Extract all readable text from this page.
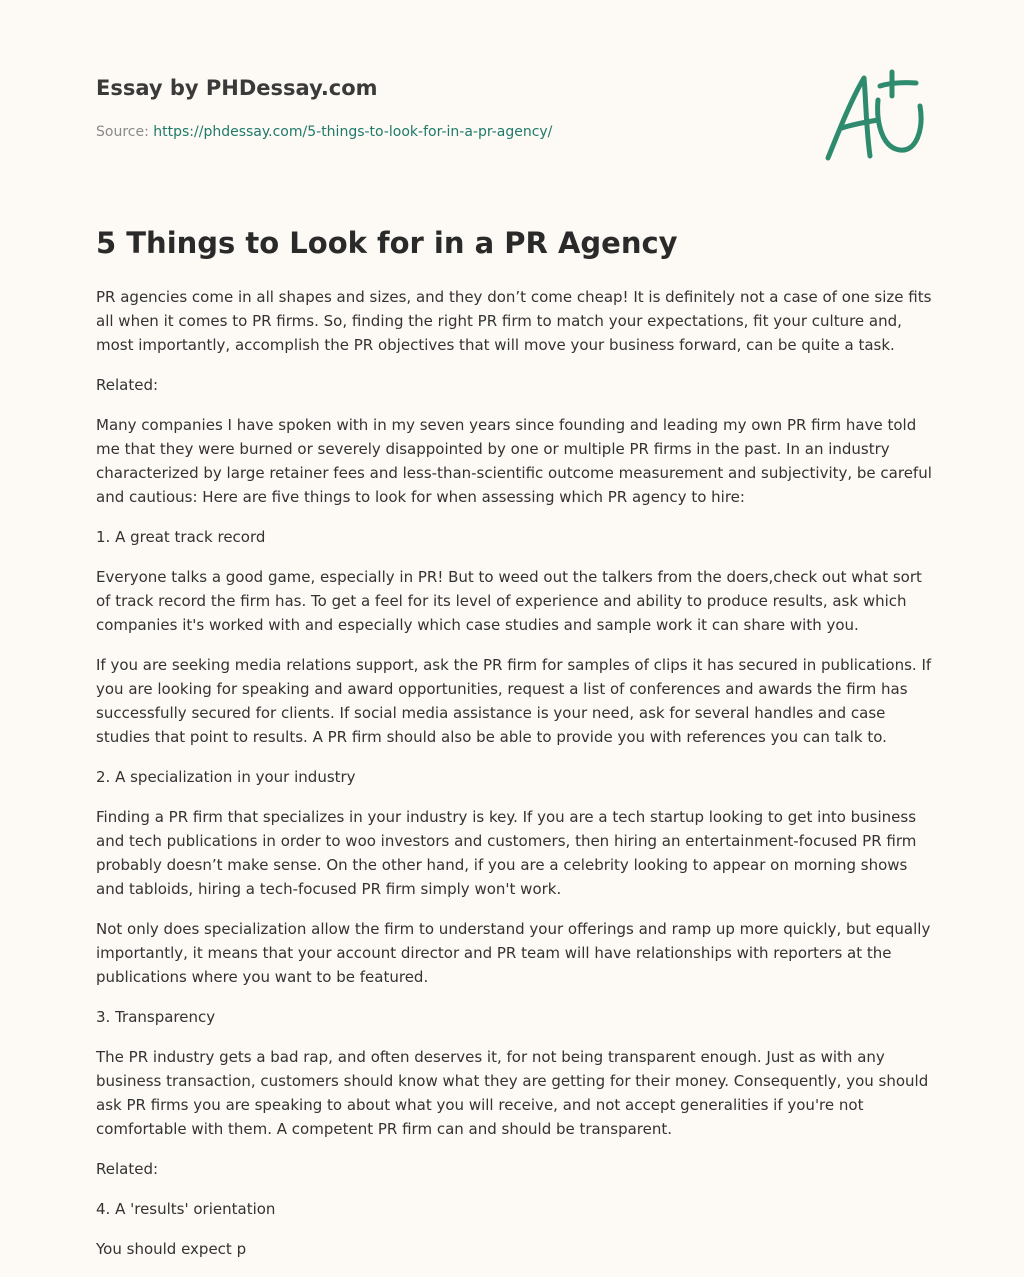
Essay by PHDessay.com
Source: https://phdessay.com/5-things-to-look-for-in-a-pr-agency/
5 Things to Look for in a PR Agency

PR agencies come in all shapes and sizes, and they don’t come cheap! It is definitely not a case of one size fits all when it comes to PR firms. So, finding the right PR firm to match your expectations, fit your culture and, most importantly, accomplish the PR objectives that will move your business forward, can be quite a task.

Related:

Many companies I have spoken with in my seven years since founding and leading my own PR firm have told me that they were burned or severely disappointed by one or multiple PR firms in the past. In an industry characterized by large retainer fees and less-than-scientific outcome measurement and subjectivity, be careful and cautious: Here are five things to look for when assessing which PR agency to hire:

1. A great track record

Everyone talks a good game, especially in PR! But to weed out the talkers from the doers,check out what sort of track record the firm has. To get a feel for its level of experience and ability to produce results, ask which companies it's worked with and especially which case studies and sample work it can share with you.

If you are seeking media relations support, ask the PR firm for samples of clips it has secured in publications. If you are looking for speaking and award opportunities, request a list of conferences and awards the firm has successfully secured for clients. If social media assistance is your need, ask for several handles and case studies that point to results. A PR firm should also be able to provide you with references you can talk to.

2. A specialization in your industry

Finding a PR firm that specializes in your industry is key. If you are a tech startup looking to get into business and tech publications in order to woo investors and customers, then hiring an entertainment-focused PR firm probably doesn’t make sense. On the other hand, if you are a celebrity looking to appear on morning shows and tabloids, hiring a tech-focused PR firm simply won't work.

Not only does specialization allow the firm to understand your offerings and ramp up more quickly, but equally importantly, it means that your account director and PR team will have relationships with reporters at the publications where you want to be featured.

3. Transparency

The PR industry gets a bad rap, and often deserves it, for not being transparent enough. Just as with any business transaction, customers should know what they are getting for their money. Consequently, you should ask PR firms you are speaking to about what you will receive, and not accept generalities if you're not comfortable with them. A competent PR firm can and should be transparent.

Related:

4. A 'results' orientation

You should expect p
